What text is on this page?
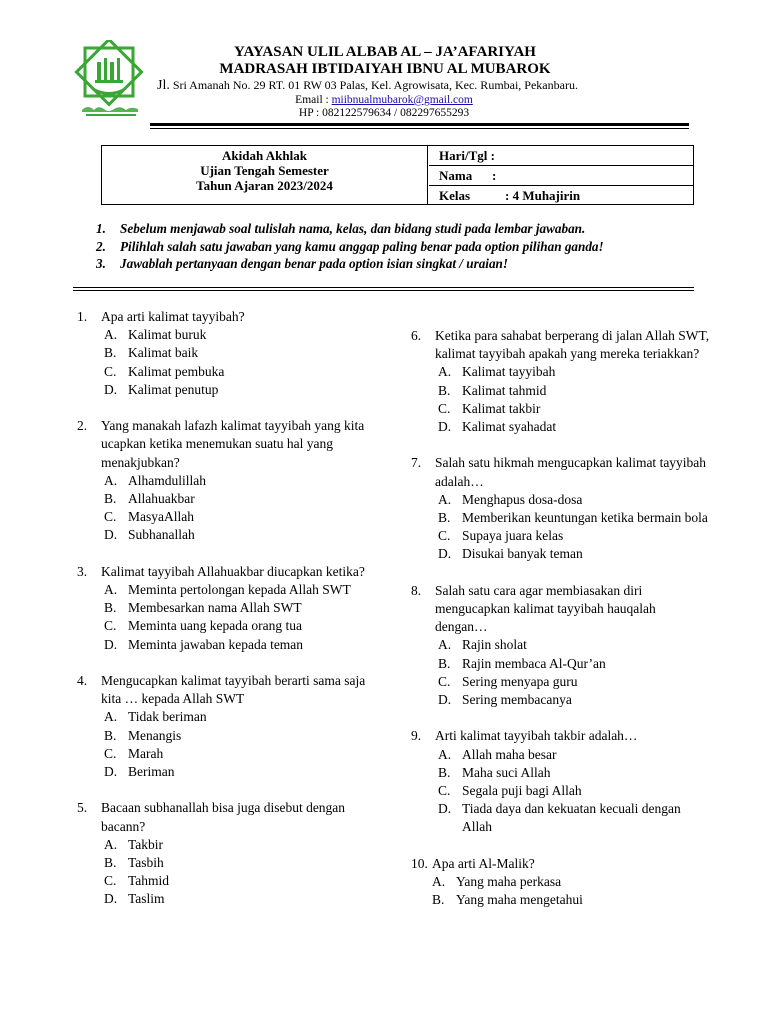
YAYASAN ULIL ALBAB AL – JA’AFARIYAH
MADRASAH IBTIDAIYAH IBNU AL MUBAROK
Jl. Sri Amanah No. 29 RT. 01 RW 03 Palas, Kel. Agrowisata, Kec. Rumbai, Pekanbaru.
Email : miibnualmubarok@gmail.com
HP : 082122579634 / 082297655293
Akidah Akhlak
Ujian Tengah Semester
Tahun Ajaran 2023/2024
Hari/Tgl :
Nama :
Kelas	: 4 Muhajirin
1. Sebelum menjawab soal tulislah nama, kelas, dan bidang studi pada lembar jawaban.
2. Pilihlah salah satu jawaban yang kamu anggap paling benar pada option pilihan ganda!
3. Jawablah pertanyaan dengan benar pada option isian singkat / uraian!
1.	Apa arti kalimat tayyibah?
A. Kalimat buruk
B. Kalimat baik
C. Kalimat pembuka
D. Kalimat penutup
2.	Yang manakah lafazh kalimat tayyibah yang kita ucapkan ketika menemukan suatu hal yang menakjubkan?
A. Alhamdulillah
B. Allahuakbar
C. MasyaAllah
D. Subhanallah
3.	Kalimat tayyibah Allahuakbar diucapkan ketika?
A. Meminta pertolongan kepada Allah SWT
B. Membesarkan nama Allah SWT
C. Meminta uang kepada orang tua
D. Meminta jawaban kepada teman
4.	Mengucapkan kalimat tayyibah berarti sama saja kita … kepada Allah SWT
A. Tidak beriman
B. Menangis
C. Marah
D. Beriman
5.	Bacaan subhanallah bisa juga disebut dengan bacann?
A. Takbir
B. Tasbih
C. Tahmid
D. Taslim
6.	Ketika para sahabat berperang di jalan Allah SWT, kalimat tayyibah apakah yang mereka teriakkan?
A. Kalimat tayyibah
B. Kalimat tahmid
C. Kalimat takbir
D. Kalimat syahadat
7.	Salah satu hikmah mengucapkan kalimat tayyibah adalah…
A. Menghapus dosa-dosa
B. Memberikan keuntungan ketika bermain bola
C. Supaya juara kelas
D. Disukai banyak teman
8.	Salah satu cara agar membiasakan diri mengucapkan kalimat tayyibah hauqalah dengan…
A. Rajin sholat
B. Rajin membaca Al-Qur’an
C. Sering menyapa guru
D. Sering membacanya
9.	Arti kalimat tayyibah takbir adalah…
A. Allah maha besar
B. Maha suci Allah
C. Segala puji bagi Allah
D. Tiada daya dan kekuatan kecuali dengan Allah
10. Apa arti Al-Malik?
A. Yang maha perkasa
B. Yang maha mengetahui
